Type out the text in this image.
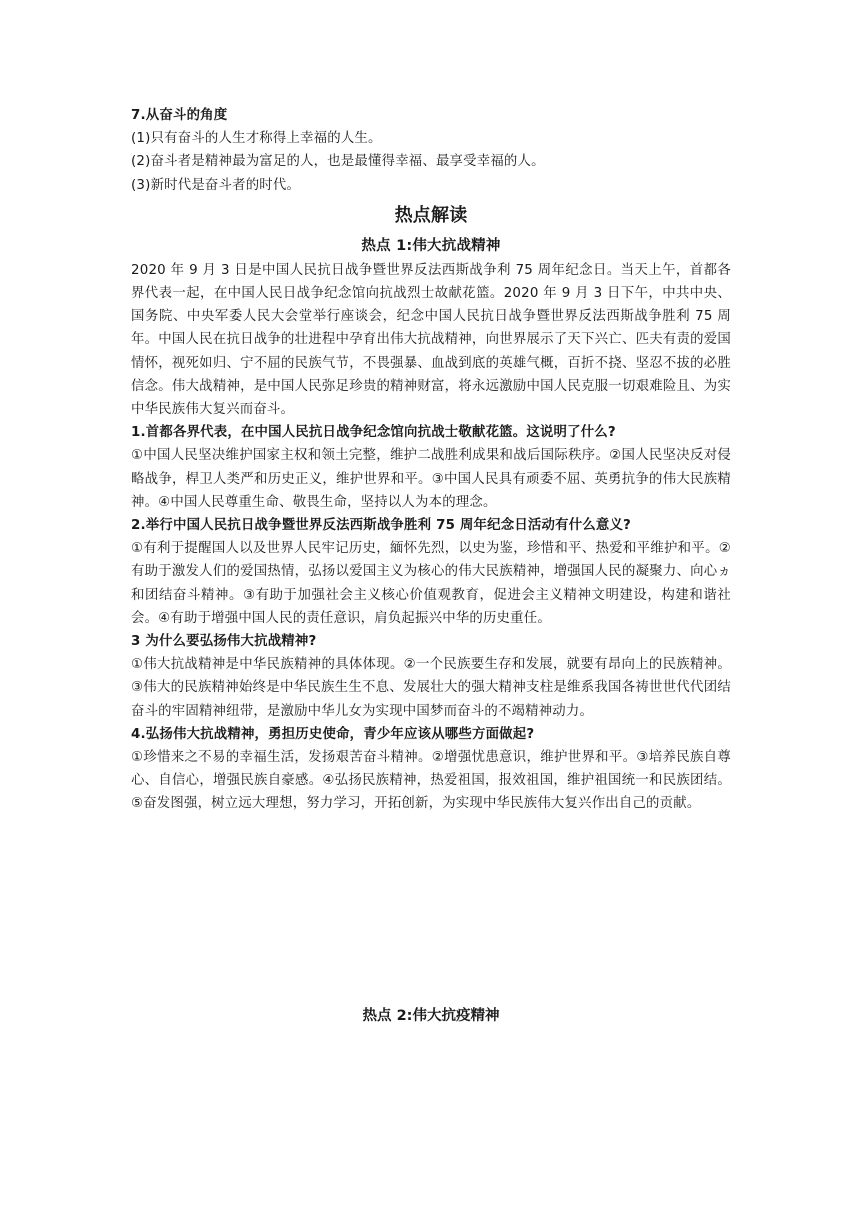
7.从奋斗的角度

(1)只有奋斗的人生才称得上幸福的人生。

(2)奋斗者是精神最为富足的人，也是最懂得幸福、最享受幸福的人。

(3)新时代是奋斗者的时代。

热点解读
热点 1:伟大抗战精神

2020 年 9 月 3 日是中国人民抗日战争暨世界反法西斯战争利 75 周年纪念日。当天上午，首都各界代表一起，在中国人民日战争纪念馆向抗战烈士故献花篮。2020 年 9 月 3 日下午，中共中央、国务院、中央军委人民大会堂举行座谈会，纪念中国人民抗日战争暨世界反法西斯战争胜利 75 周年。中国人民在抗日战争的壮进程中孕育出伟大抗战精神，向世界展示了天下兴亡、匹夫有责的爱国情怀，视死如归、宁不屈的民族气节，不畏强暴、血战到底的英雄气概，百折不挠、坚忍不拔的必胜信念。伟大战精神，是中国人民弥足珍贵的精神财富，将永远激励中国人民克服一切艰难险且、为实中华民族伟大复兴而奋斗。

1.首都各界代表，在中国人民抗日战争纪念馆向抗战士敬献花篮。这说明了什么?

①中国人民坚决维护国家主权和领土完整，维护二战胜利成果和战后国际秩序。②国人民坚决反对侵略战争，桿卫人类严和历史正义，维护世界和平。③中国人民具有顽委不屈、英勇抗争的伟大民族精神。④中国人民尊重生命、敬畏生命，坚持以人为本的理念。

2.举行中国人民抗日战争暨世界反法西斯战争胜利 75 周年纪念日活动有什么意义?

①有利于提醒国人以及世界人民牢记历史，緬怀先烈，以史为鉴，珍惜和平、热爱和平维护和平。②有助于激发人们的爱国热情，弘扬以爱国主义为核心的伟大民族精神，增强国人民的凝聚力、向心ヵ和团结奋斗精神。③有助于加强社会主义核心价值观教育，促进会主义精神文明建设，构建和谐社会。④有助于增强中国人民的责任意识，肩负起振兴中华的历史重任。

3 为什么要弘扬伟大抗战精神?

①伟大抗战精神是中华民族精神的具体体现。②一个民族要生存和发展，就要有昂向上的民族精神。③伟大的民族精神始终是中华民族生生不息、发展壮大的强大精神支柱是维系我国各祷世世代代团结奋斗的牢固精神纽带，是激励中华儿女为实现中国梦而奋斗的不竭精神动力。

4.弘扬伟大抗战精神，勇担历史使命，青少年应该从哪些方面做起?

①珍惜来之不易的幸福生活，发扬艰苦奋斗精神。②增强忧患意识，维护世界和平。③培养民族自尊心、自信心，增强民族自豪感。④弘扬民族精神，热爱祖国，报效祖国，维护祖国统一和民族团结。⑤奋发图强，树立远大理想，努力学习，开拓创新，为实现中华民族伟大复兴作出自己的贡献。

热点 2:伟大抗疫精神
